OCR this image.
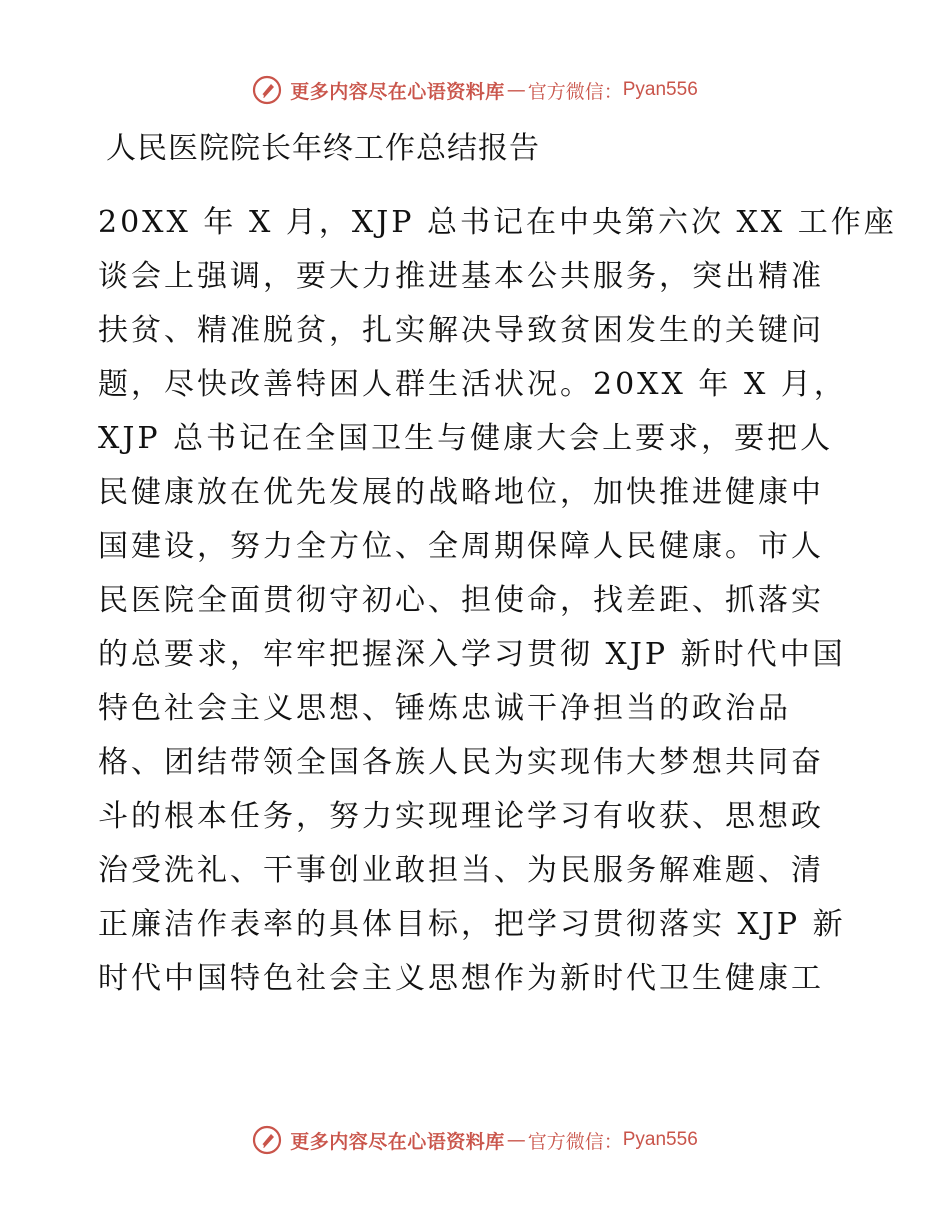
更多内容尽在心语资料库 — 官方微信： Pyan556
人民医院院长年终工作总结报告
20XX 年 X 月，XJP 总书记在中央第六次 XX 工作座
谈会上强调，要大力推进基本公共服务，突出精准
扶贫、精准脱贫，扎实解决导致贫困发生的关键问
题，尽快改善特困人群生活状况。20XX 年 X 月，
XJP 总书记在全国卫生与健康大会上要求，要把人
民健康放在优先发展的战略地位，加快推进健康中
国建设，努力全方位、全周期保障人民健康。市人
民医院全面贯彻守初心、担使命，找差距、抓落实
的总要求，牢牢把握深入学习贯彻 XJP 新时代中国
特色社会主义思想、锤炼忠诚干净担当的政治品
格、团结带领全国各族人民为实现伟大梦想共同奋
斗的根本任务，努力实现理论学习有收获、思想政
治受洗礼、干事创业敢担当、为民服务解难题、清
正廉洁作表率的具体目标，把学习贯彻落实 XJP 新
时代中国特色社会主义思想作为新时代卫生健康工
更多内容尽在心语资料库 — 官方微信： Pyan556
